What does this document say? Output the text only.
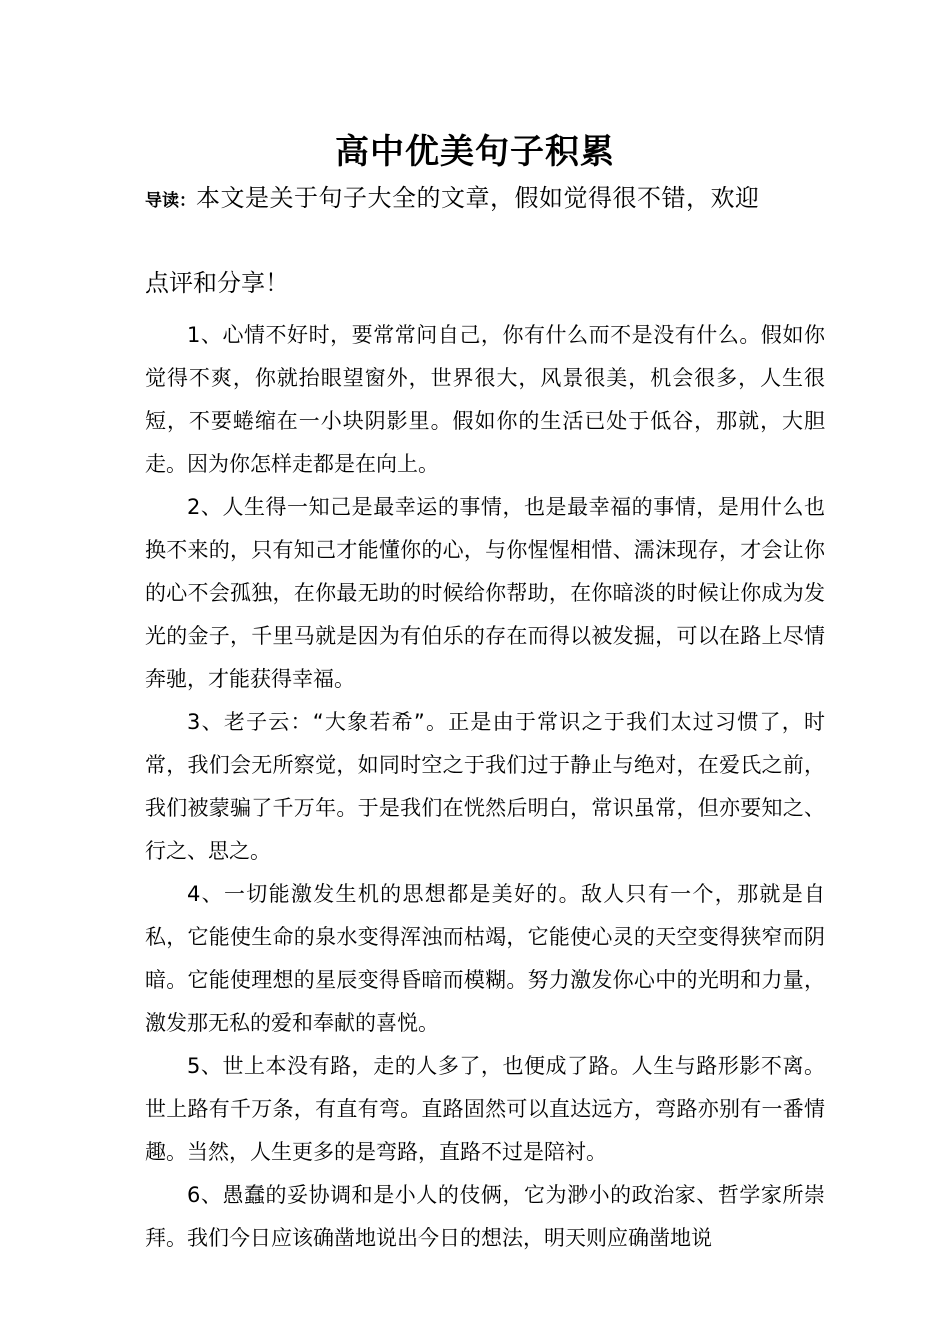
高中优美句子积累
导读：本文是关于句子大全的文章，假如觉得很不错，欢迎
点评和分享！

1、心情不好时，要常常问自己，你有什么而不是没有什么。假如你觉得不爽，你就抬眼望窗外，世界很大，风景很美，机会很多，人生很短，不要蜷缩在一小块阴影里。假如你的生活已处于低谷，那就，大胆走。因为你怎样走都是在向上。

2、人生得一知己是最幸运的事情，也是最幸福的事情，是用什么也换不来的，只有知己才能懂你的心，与你惺惺相惜、濡沫现存，才会让你的心不会孤独，在你最无助的时候给你帮助，在你暗淡的时候让你成为发光的金子，千里马就是因为有伯乐的存在而得以被发掘，可以在路上尽情奔驰，才能获得幸福。

3、老子云：“大象若希”。正是由于常识之于我们太过习惯了，时常，我们会无所察觉，如同时空之于我们过于静止与绝对，在爱氏之前，我们被蒙骗了千万年。于是我们在恍然后明白，常识虽常，但亦要知之、行之、思之。

4、一切能激发生机的思想都是美好的。敌人只有一个，那就是自私，它能使生命的泉水变得浑浊而枯竭，它能使心灵的天空变得狭窄而阴暗。它能使理想的星辰变得昏暗而模糊。努力激发你心中的光明和力量，激发那无私的爱和奉献的喜悦。

5、世上本没有路，走的人多了，也便成了路。人生与路形影不离。世上路有千万条，有直有弯。直路固然可以直达远方，弯路亦别有一番情趣。当然，人生更多的是弯路，直路不过是陪衬。

6、愚蠢的妥协调和是小人的伎俩，它为渺小的政治家、哲学家所崇拜。我们今日应该确凿地说出今日的想法，明天则应确凿地说
